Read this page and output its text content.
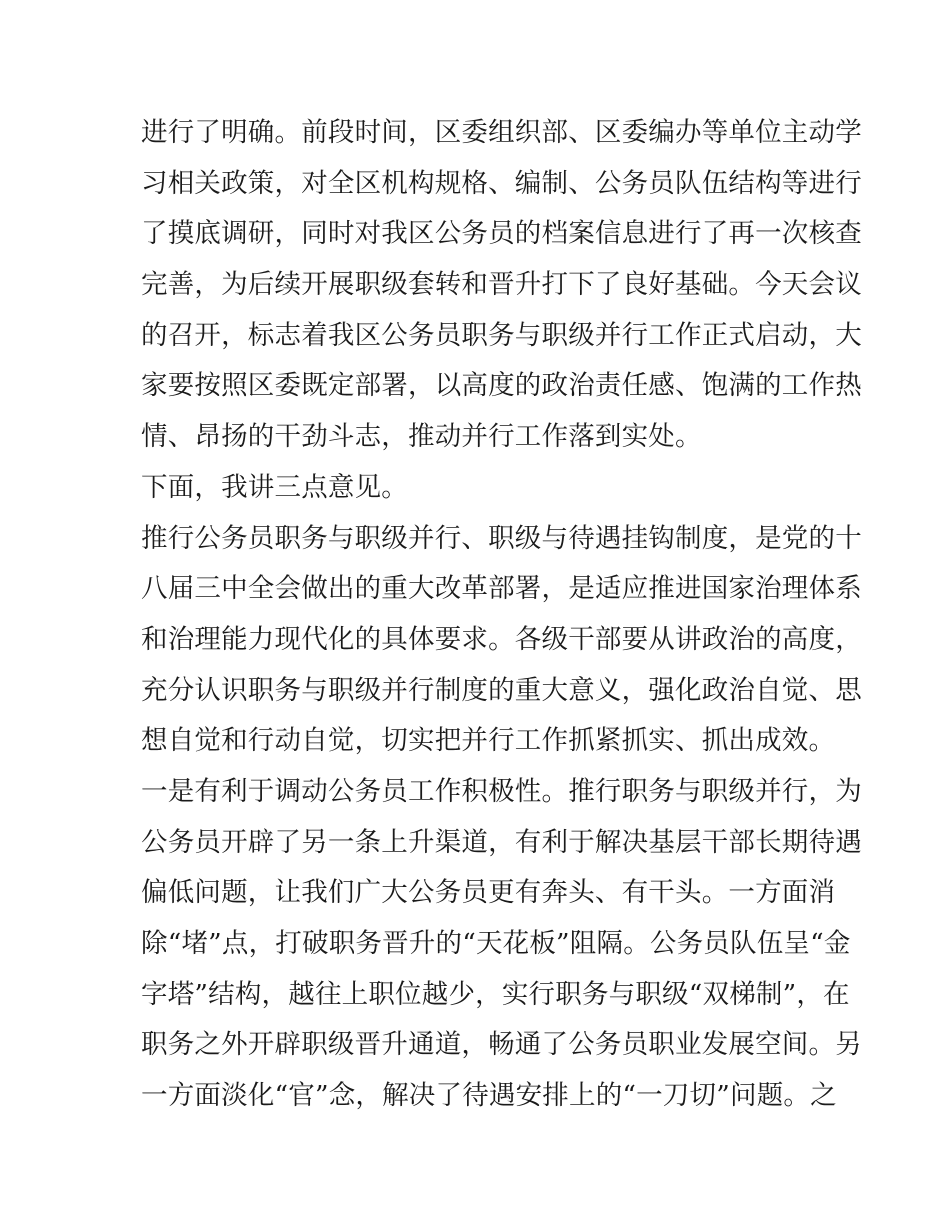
进行了明确。前段时间，区委组织部、区委编办等单位主动学
习相关政策，对全区机构规格、编制、公务员队伍结构等进行
了摸底调研，同时对我区公务员的档案信息进行了再一次核查
完善，为后续开展职级套转和晋升打下了良好基础。今天会议
的召开，标志着我区公务员职务与职级并行工作正式启动，大
家要按照区委既定部署，以高度的政治责任感、饱满的工作热
情、昂扬的干劲斗志，推动并行工作落到实处。
下面，我讲三点意见。
推行公务员职务与职级并行、职级与待遇挂钩制度，是党的十
八届三中全会做出的重大改革部署，是适应推进国家治理体系
和治理能力现代化的具体要求。各级干部要从讲政治的高度，
充分认识职务与职级并行制度的重大意义，强化政治自觉、思
想自觉和行动自觉，切实把并行工作抓紧抓实、抓出成效。
一是有利于调动公务员工作积极性。推行职务与职级并行，为
公务员开辟了另一条上升渠道，有利于解决基层干部长期待遇
偏低问题，让我们广大公务员更有奔头、有干头。一方面消
除“堵”点，打破职务晋升的“天花板”阻隔。公务员队伍呈“金
字塔”结构，越往上职位越少，实行职务与职级“双梯制”，在
职务之外开辟职级晋升通道，畅通了公务员职业发展空间。另
一方面淡化“官”念，解决了待遇安排上的“一刀切”问题。之
